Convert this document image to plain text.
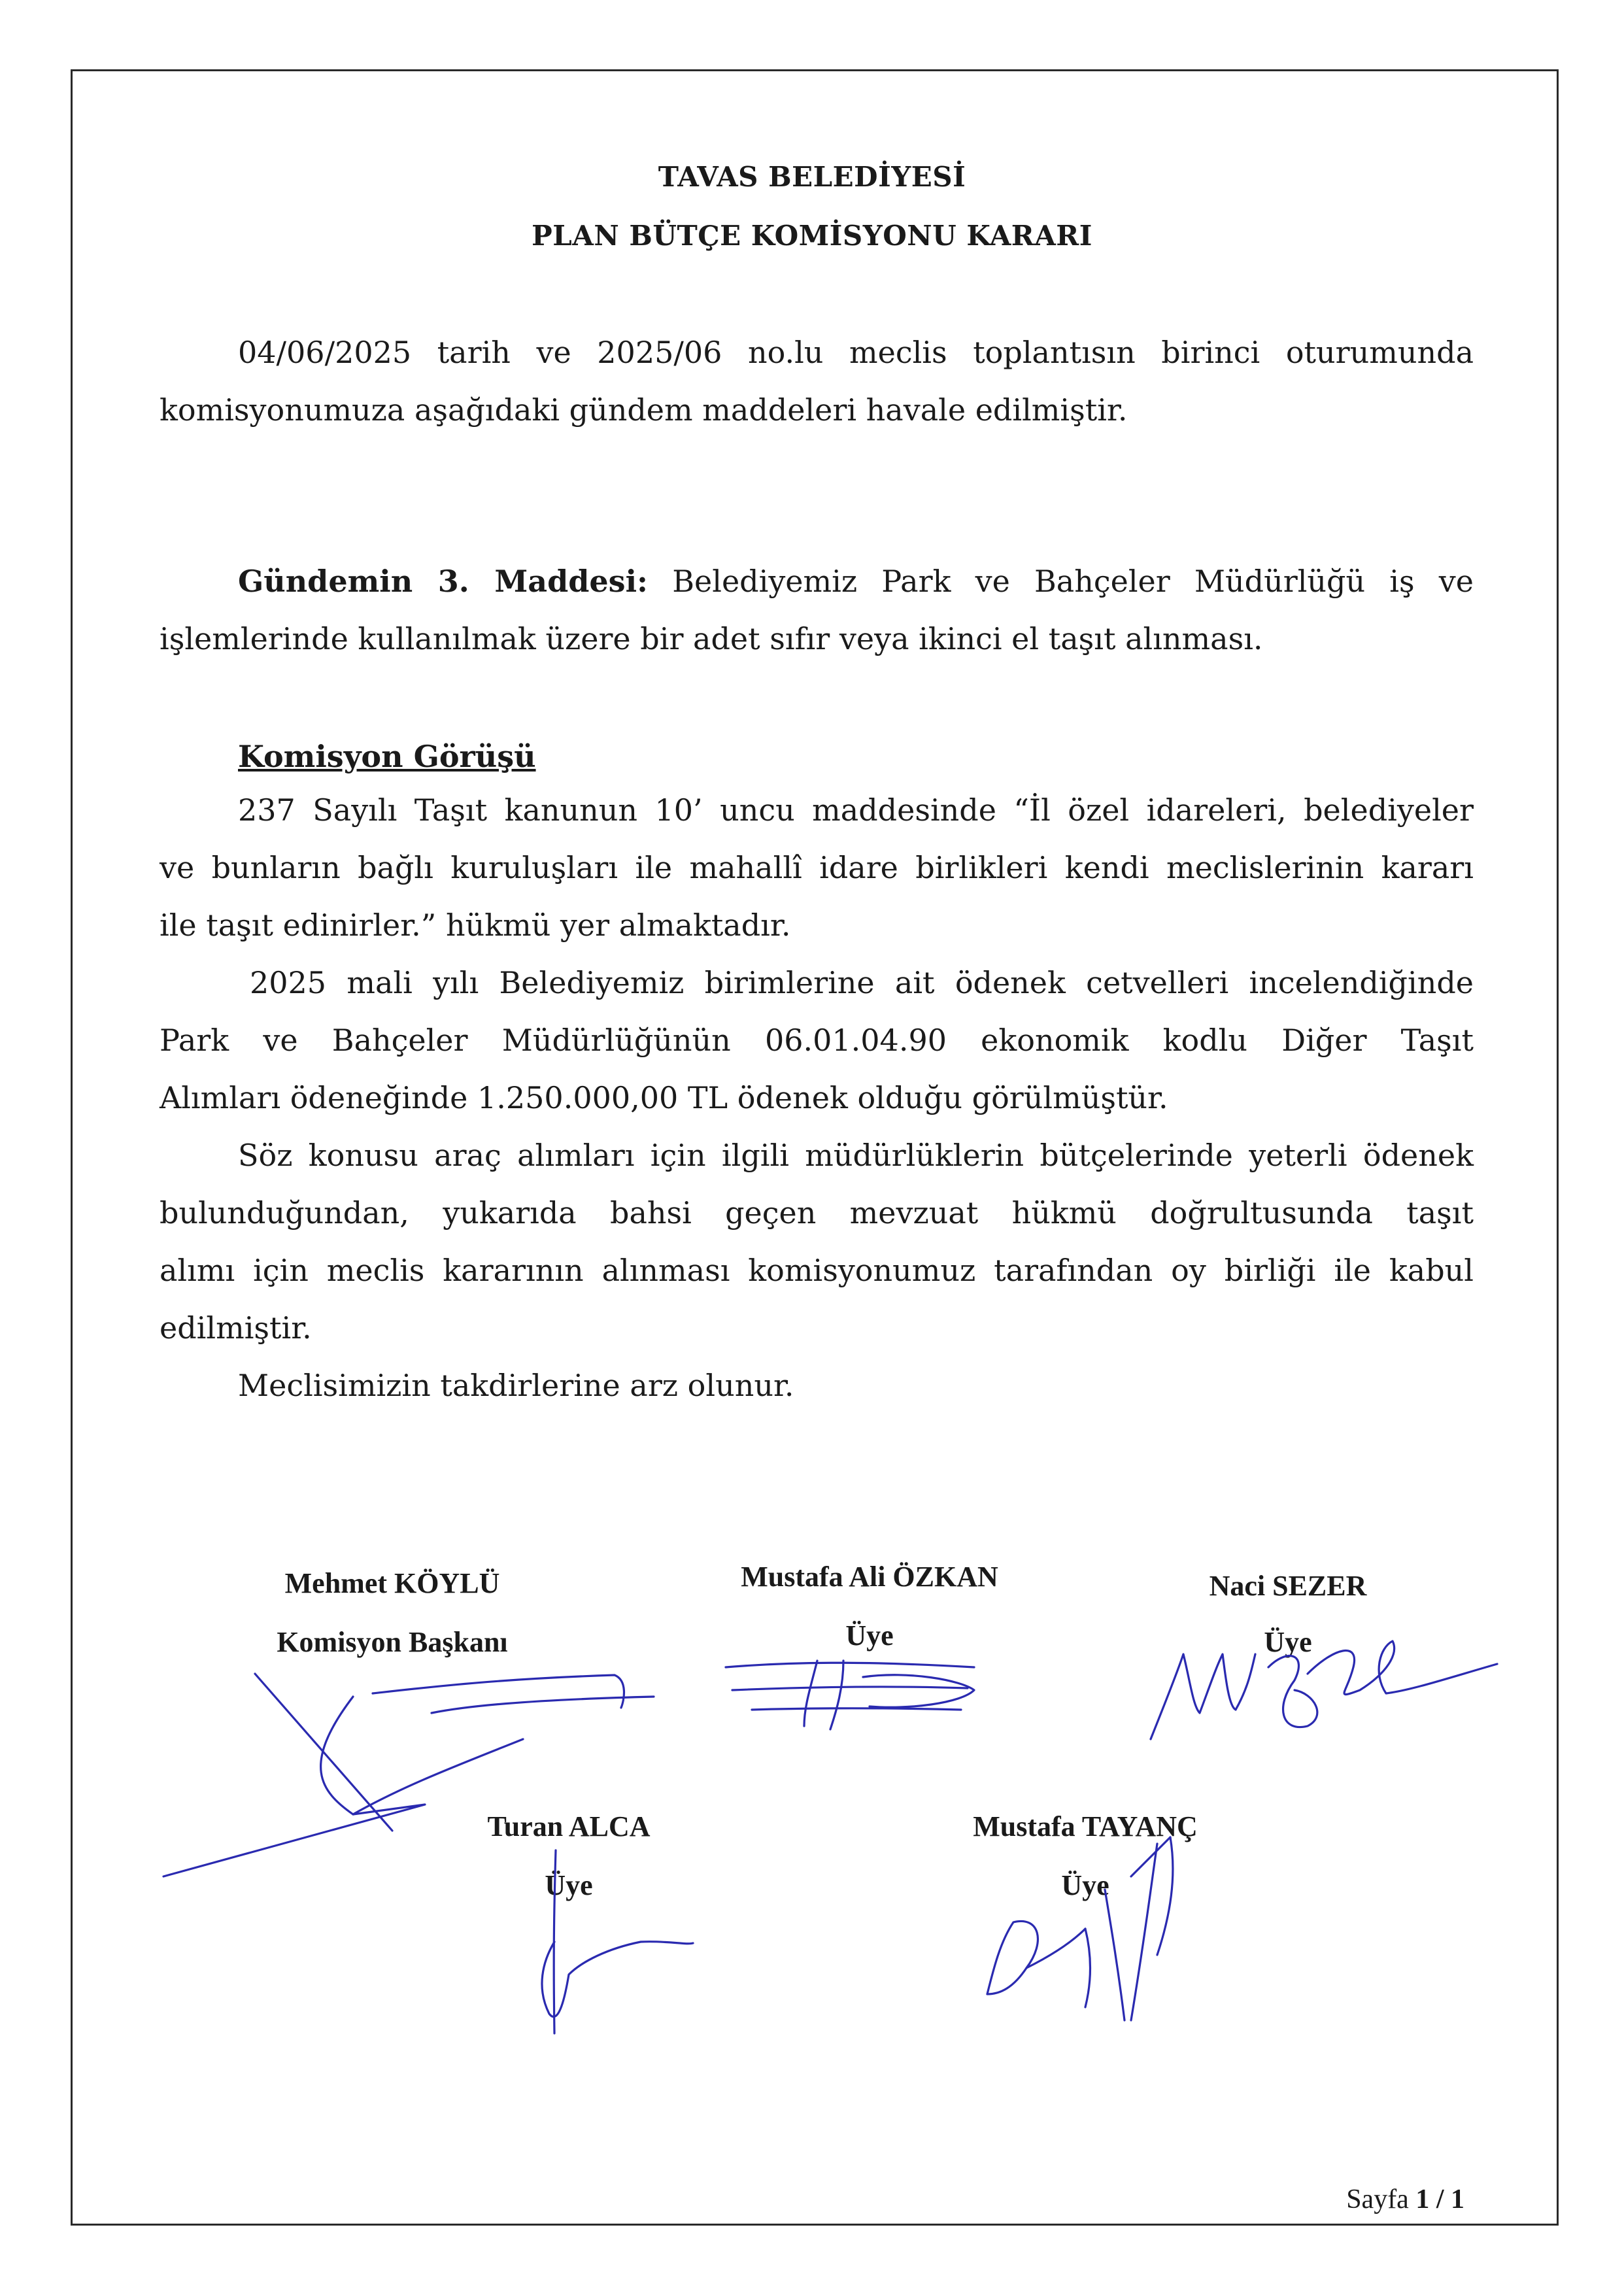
TAVAS BELEDİYESİ
PLAN BÜTÇE KOMİSYONU KARARI
04/06/2025 tarih ve 2025/06 no.lu meclis toplantısın birinci oturumunda
komisyonumuza aşağıdaki gündem maddeleri havale edilmiştir.
Gündemin 3. Maddesi: Belediyemiz Park ve Bahçeler Müdürlüğü iş ve
işlemlerinde kullanılmak üzere bir adet sıfır veya ikinci el taşıt alınması.
Komisyon Görüşü
237 Sayılı Taşıt kanunun 10’ uncu maddesinde “İl özel idareleri, belediyeler
ve bunların bağlı kuruluşları ile mahallî idare birlikleri kendi meclislerinin kararı
ile taşıt edinirler.” hükmü yer almaktadır.
2025 mali yılı Belediyemiz birimlerine ait ödenek cetvelleri incelendiğinde
Park ve Bahçeler Müdürlüğünün 06.01.04.90 ekonomik kodlu Diğer Taşıt
Alımları ödeneğinde 1.250.000,00 TL ödenek olduğu görülmüştür.
Söz konusu araç alımları için ilgili müdürlüklerin bütçelerinde yeterli ödenek
bulunduğundan, yukarıda bahsi geçen mevzuat hükmü doğrultusunda taşıt
alımı için meclis kararının alınması komisyonumuz tarafından oy birliği ile kabul
edilmiştir.
Meclisimizin takdirlerine arz olunur.
Mehmet KÖYLÜ
Komisyon Başkanı
Mustafa Ali ÖZKAN
Üye
Naci SEZER
Üye
Turan ALCA
Üye
Mustafa TAYANÇ
Üye
Sayfa 1 / 1
